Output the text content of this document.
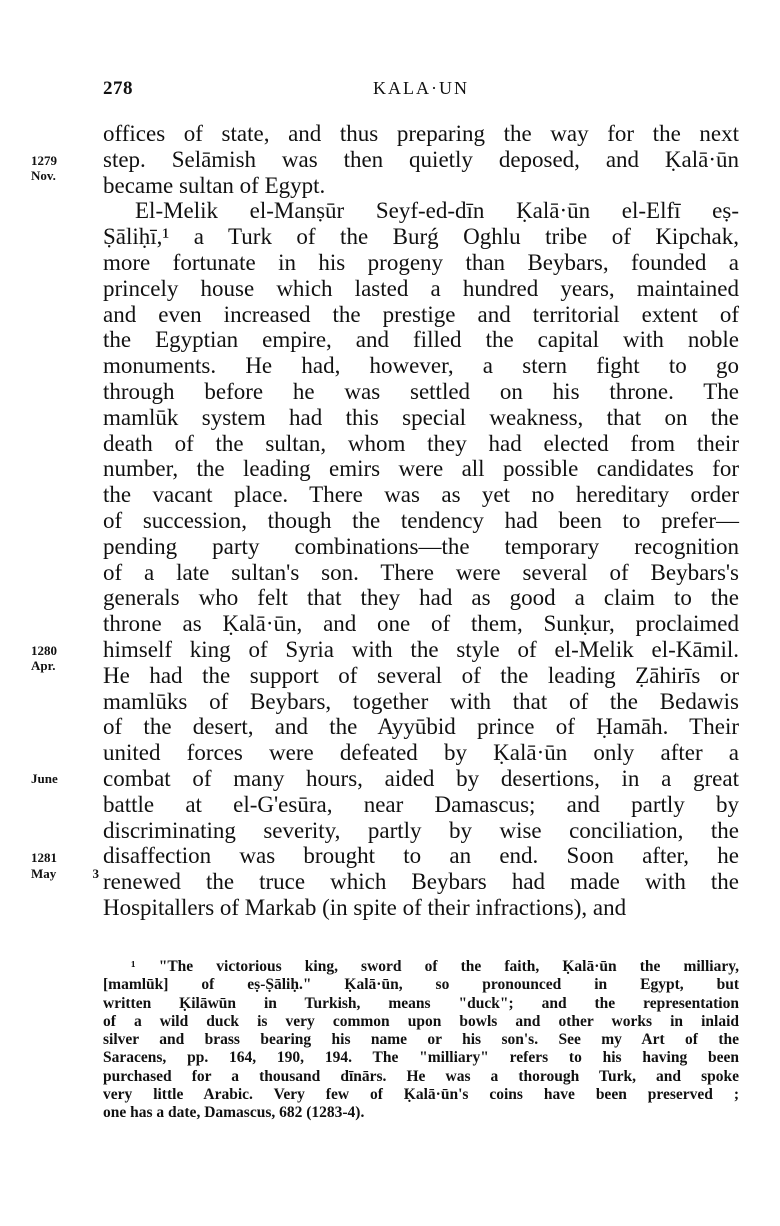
278	KALA·UN
offices of state, and thus preparing the way for the next
1279	step. Selāmish was then quietly deposed, and Ḳalā·ūn
Nov.	became sultan of Egypt.
El-Melik el-Manṣūr Seyf-ed-dīn Ḳalā·ūn el-Elfī eṣ-
Ṣāliḥī,¹ a Turk of the Burǵ Oghlu tribe of Kipchak,
more fortunate in his progeny than Beybars, founded a
princely house which lasted a hundred years, maintained
and even increased the prestige and territorial extent of
the Egyptian empire, and filled the capital with noble
monuments. He had, however, a stern fight to go
through before he was settled on his throne. The
mamlūk system had this special weakness, that on the
death of the sultan, whom they had elected from their
number, the leading emirs were all possible candidates for
the vacant place. There was as yet no hereditary order
of succession, though the tendency had been to prefer—
pending party combinations—the temporary recognition
of a late sultan's son. There were several of Beybars's
generals who felt that they had as good a claim to the
throne as Ḳalā·ūn, and one of them, Sunḳur, proclaimed
1280	himself king of Syria with the style of el-Melik el-Kāmil.
Apr.	He had the support of several of the leading Ẓāhirīs or
mamlūks of Beybars, together with that of the Bedawis
of the desert, and the Ayyūbid prince of Ḥamāh. Their
united forces were defeated by Ḳalā·ūn only after a
June	combat of many hours, aided by desertions, in a great
battle at el-G'esūra, near Damascus; and partly by
discriminating severity, partly by wise conciliation, the
1281	disaffection was brought to an end. Soon after, he
May 3 renewed the truce which Beybars had made with the
Hospitallers of Markab (in spite of their infractions), and
¹ "The victorious king, sword of the faith, Ḳalā·ūn the milliary,
[mamlūk] of eṣ-Ṣāliḥ." Ḳalā·ūn, so pronounced in Egypt, but
written Ḳilāwūn in Turkish, means "duck"; and the representation
of a wild duck is very common upon bowls and other works in inlaid
silver and brass bearing his name or his son's. See my Art of the
Saracens, pp. 164, 190, 194. The "milliary" refers to his having been
purchased for a thousand dīnārs. He was a thorough Turk, and spoke
very little Arabic. Very few of Ḳalā·ūn's coins have been preserved ;
one has a date, Damascus, 682 (1283-4).
